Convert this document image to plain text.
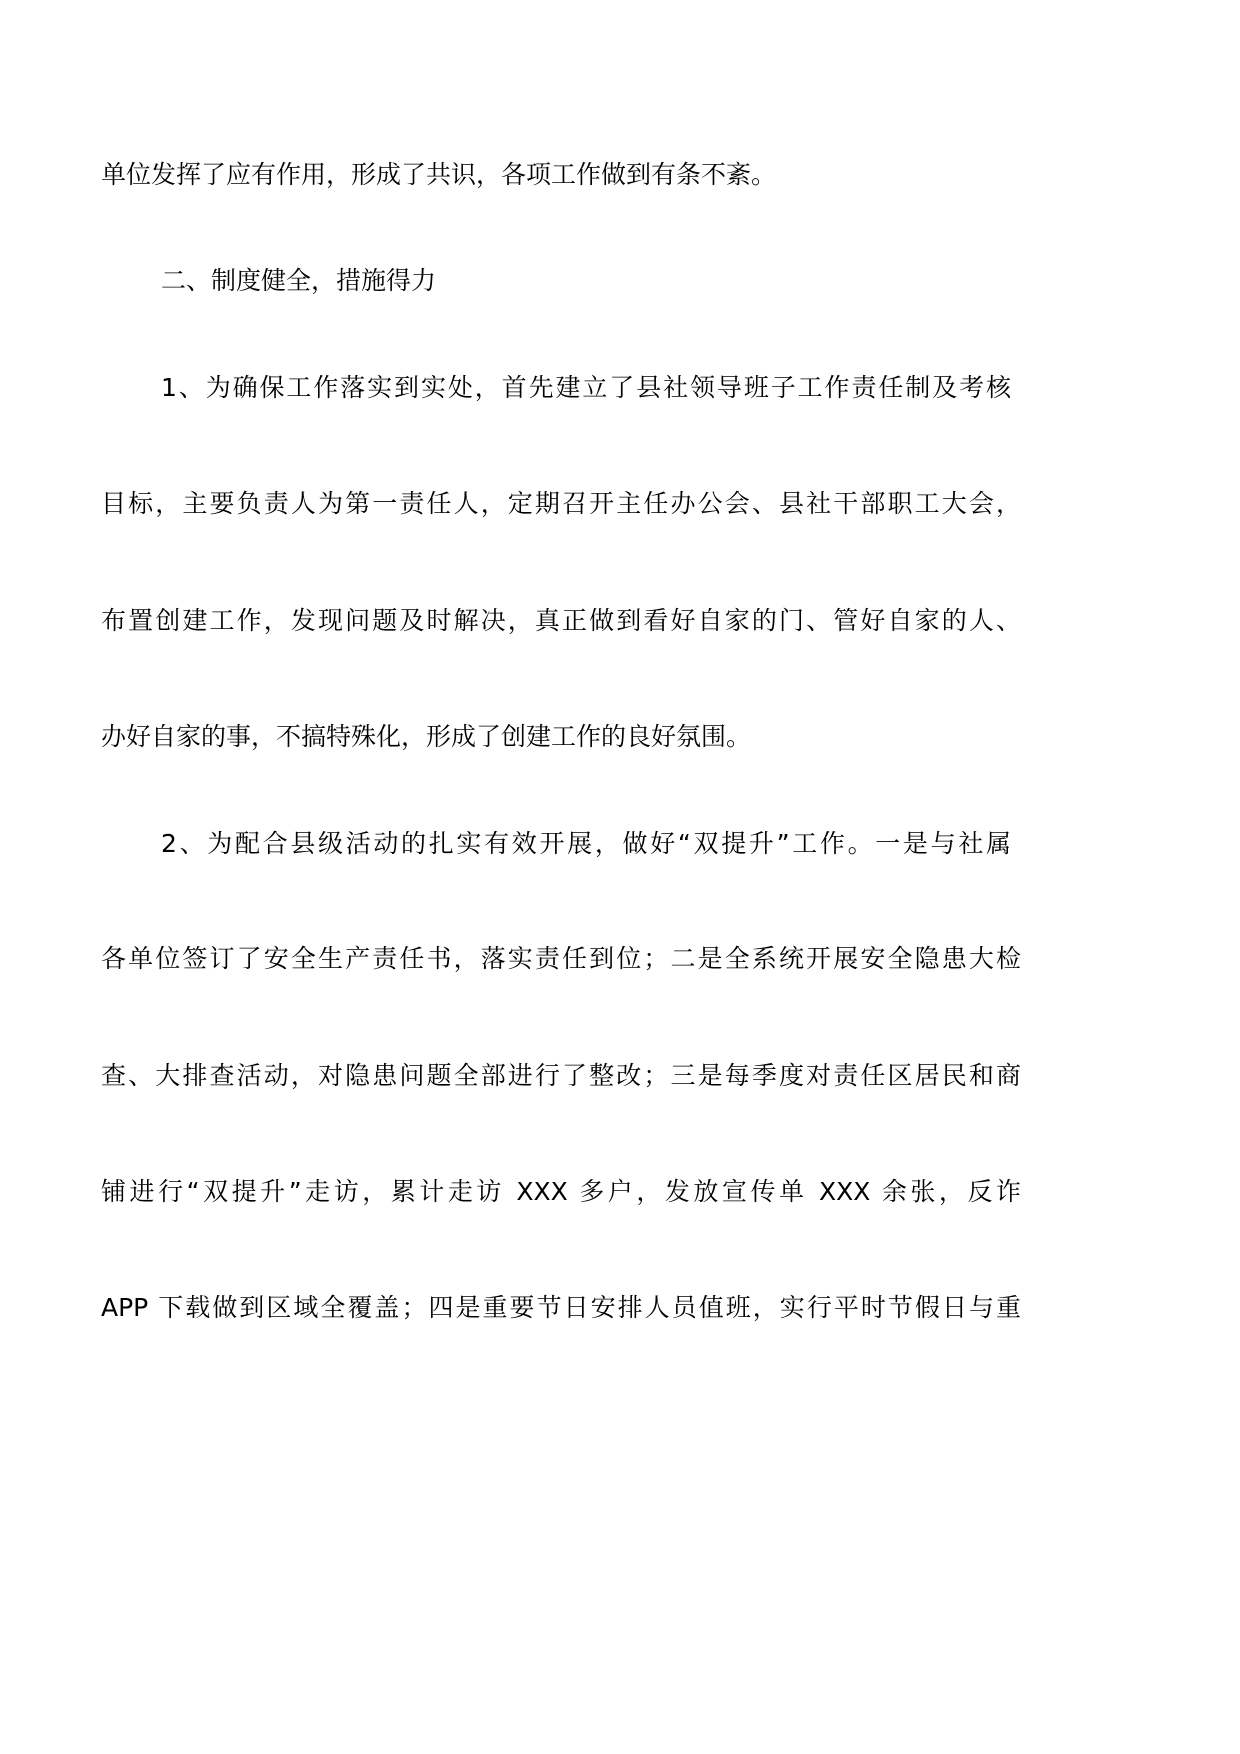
单位发挥了应有作用，形成了共识，各项工作做到有条不紊。
二、制度健全，措施得力
1、为确保工作落实到实处，首先建立了县社领导班子工作责任制及考核
目标，主要负责人为第一责任人，定期召开主任办公会、县社干部职工大会，
布置创建工作，发现问题及时解决，真正做到看好自家的门、管好自家的人、
办好自家的事，不搞特殊化，形成了创建工作的良好氛围。
2、为配合县级活动的扎实有效开展，做好“双提升”工作。一是与社属
各单位签订了安全生产责任书，落实责任到位；二是全系统开展安全隐患大检
查、大排查活动，对隐患问题全部进行了整改；三是每季度对责任区居民和商
铺进行“双提升”走访，累计走访 XXX 多户，发放宣传单 XXX 余张，反诈
APP 下载做到区域全覆盖；四是重要节日安排人员值班，实行平时节假日与重
